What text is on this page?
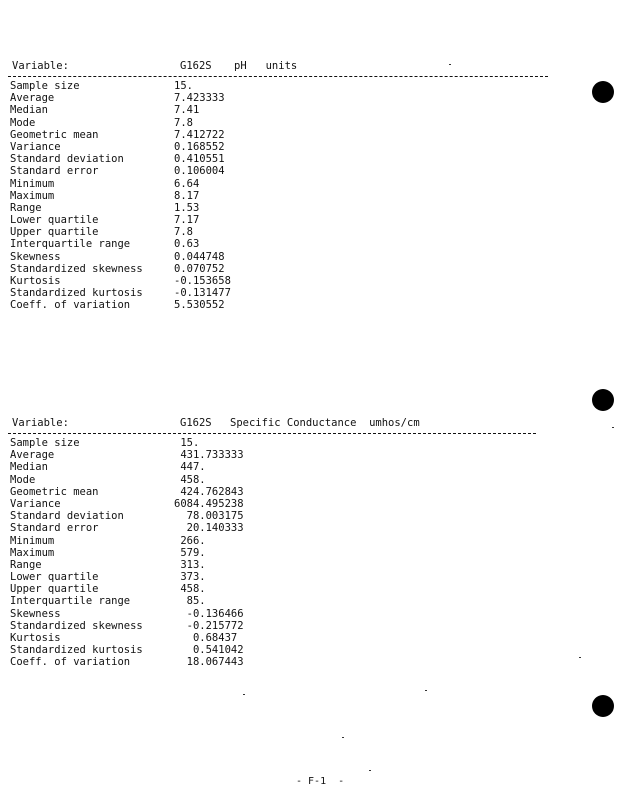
Variable:

	G162S

pH   units

Sample size	15.
Average	7.423333
Median	7.41
Mode	7.8
Geometric mean	7.412722
Variance	0.168552
Standard deviation	0.410551
Standard error	0.106004
Minimum	6.64
Maximum	8.17
Range	1.53
Lower quartile	7.17
Upper quartile	7.8
Interquartile range	0.63
Skewness	0.044748
Standardized skewness	0.070752
Kurtosis	-0.153658
Standardized kurtosis	-0.131477
Coeff. of variation	5.530552

Variable:

	G162S

Specific Conductance  umhos/cm

Sample size	15.
Average	431.733333
Median	447.
Mode	458.
Geometric mean	424.762843
Variance	6084.495238
Standard deviation	78.003175
Standard error	20.140333
Minimum	266.
Maximum	579.
Range	313.
Lower quartile	373.
Upper quartile	458.
Interquartile range	85.
Skewness	-0.136466
Standardized skewness	-0.215772
Kurtosis	0.68437
Standardized kurtosis	0.541042
Coeff. of variation	18.067443
- F-1  -
